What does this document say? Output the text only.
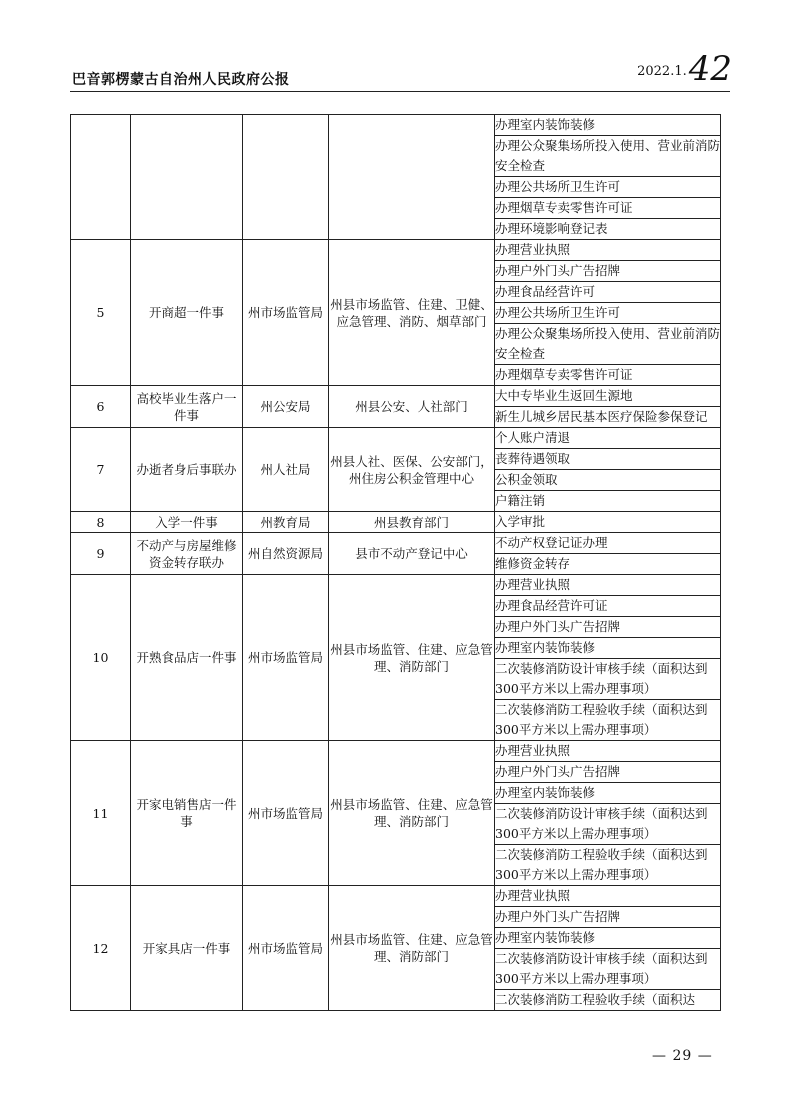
巴音郭楞蒙古自治州人民政府公报
2022.1. 42
				办理室内装饰装修
				办理公众聚集场所投入使用、营业前消防安全检查
				办理公共场所卫生许可
				办理烟草专卖零售许可证
				办理环境影响登记表
5	开商超一件事	州市场监管局	州县市场监管、住建、卫健、应急管理、消防、烟草部门	办理营业执照
				办理户外门头广告招牌
				办理食品经营许可
				办理公共场所卫生许可
				办理公众聚集场所投入使用、营业前消防安全检查
				办理烟草专卖零售许可证
6	高校毕业生落户一件事	州公安局	州县公安、人社部门	大中专毕业生返回生源地
				新生儿城乡居民基本医疗保险参保登记
7	办逝者身后事联办	州人社局	州县人社、医保、公安部门，州住房公积金管理中心	个人账户清退
				丧葬待遇领取
				公积金领取
				户籍注销
8	入学一件事	州教育局	州县教育部门	入学审批
9	不动产与房屋维修资金转存联办	州自然资源局	县市不动产登记中心	不动产权登记证办理
				维修资金转存
10	开熟食品店一件事	州市场监管局	州县市场监管、住建、应急管理、消防部门	办理营业执照
				办理食品经营许可证
				办理户外门头广告招牌
				办理室内装饰装修
				二次装修消防设计审核手续（面积达到300平方米以上需办理事项）
				二次装修消防工程验收手续（面积达到300平方米以上需办理事项）
11	开家电销售店一件事	州市场监管局	州县市场监管、住建、应急管理、消防部门	办理营业执照
				办理户外门头广告招牌
				办理室内装饰装修
				二次装修消防设计审核手续（面积达到300平方米以上需办理事项）
				二次装修消防工程验收手续（面积达到300平方米以上需办理事项）
12	开家具店一件事	州市场监管局	州县市场监管、住建、应急管理、消防部门	办理营业执照
				办理户外门头广告招牌
				办理室内装饰装修
				二次装修消防设计审核手续（面积达到300平方米以上需办理事项）
				二次装修消防工程验收手续（面积达
— 29 —
